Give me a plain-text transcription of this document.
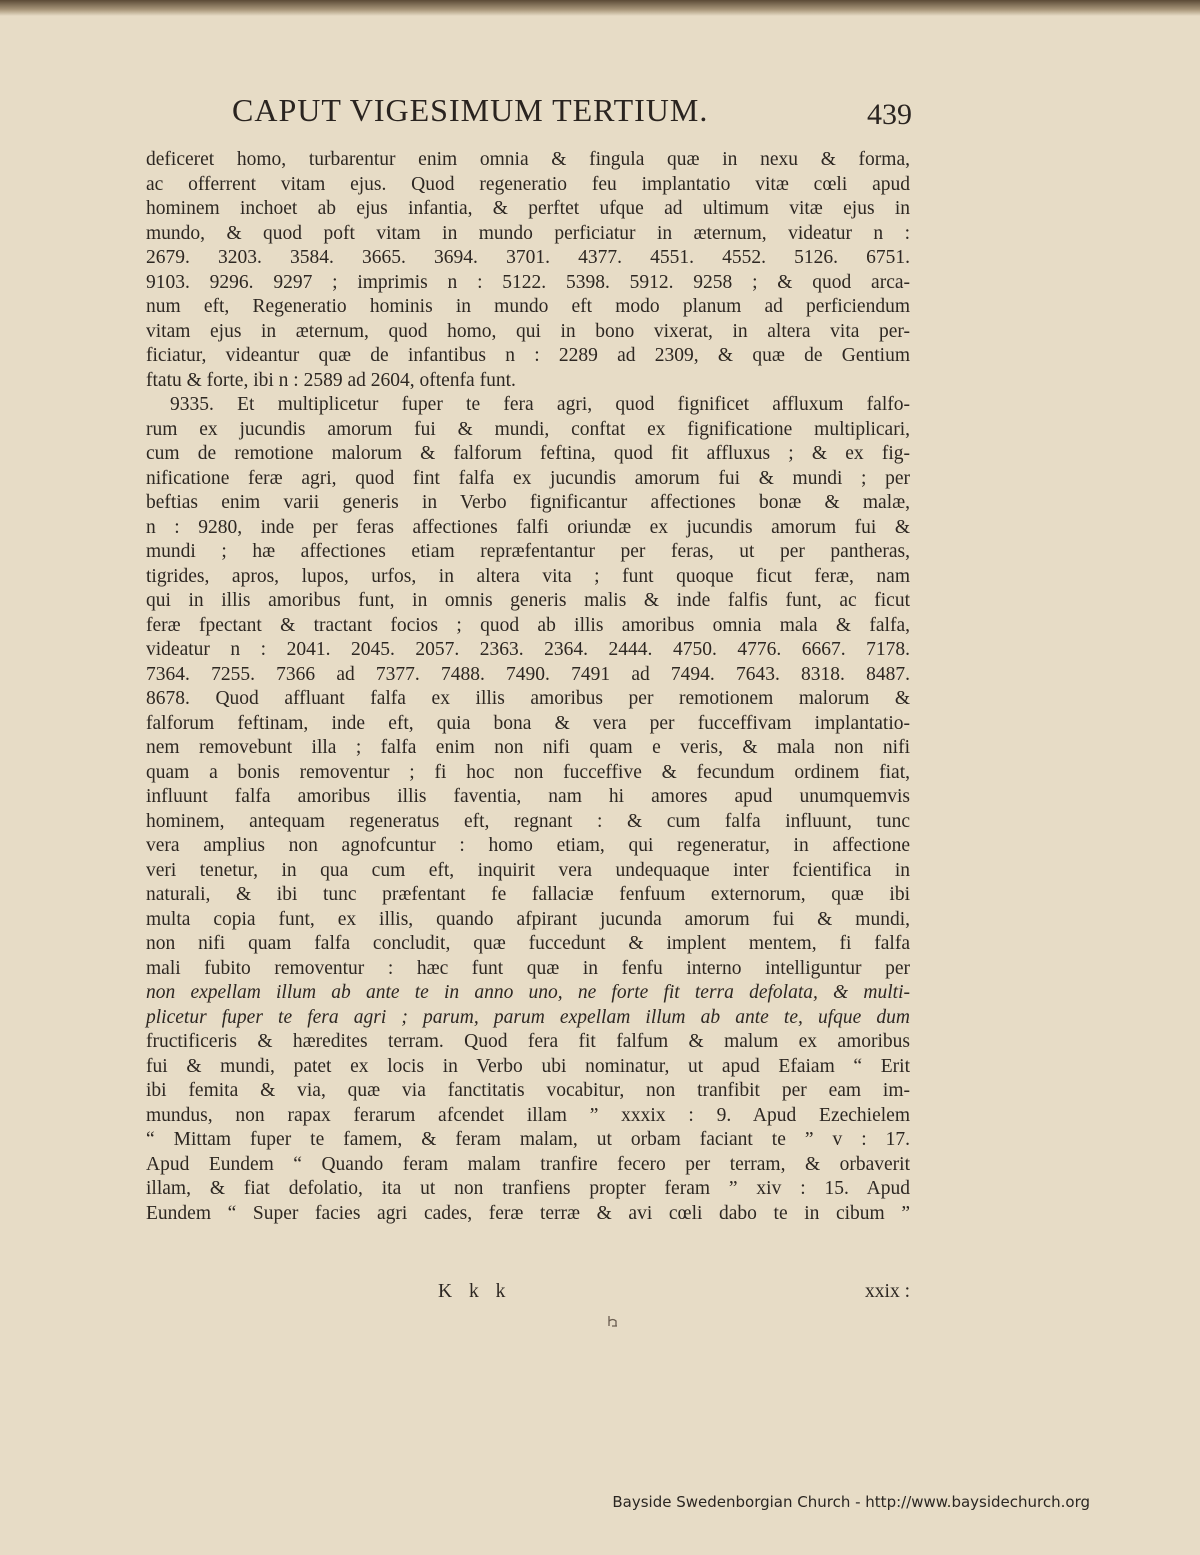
CAPUT VIGESIMUM TERTIUM.	439
deficeret homo, turbarentur enim omnia & fingula quæ in nexu & forma,
ac offerrent vitam ejus. Quod regeneratio feu implantatio vitæ cœli apud
hominem inchoet ab ejus infantia, & perftet ufque ad ultimum vitæ ejus in
mundo, & quod poft vitam in mundo perficiatur in æternum, videatur n :
2679. 3203. 3584. 3665. 3694. 3701. 4377. 4551. 4552. 5126. 6751.
9103. 9296. 9297 ; imprimis n : 5122. 5398. 5912. 9258 ; & quod arca-
num eft, Regeneratio hominis in mundo eft modo planum ad perficiendum
vitam ejus in æternum, quod homo, qui in bono vixerat, in altera vita per-
ficiatur, videantur quæ de infantibus n : 2289 ad 2309, & quæ de Gentium
ftatu & forte, ibi n : 2589 ad 2604, oftenfa funt.
9335. Et multiplicetur fuper te fera agri, quod fignificet affluxum falfo-
rum ex jucundis amorum fui & mundi, conftat ex fignificatione multiplicari,
cum de remotione malorum & falforum feftina, quod fit affluxus ; & ex fig-
nificatione feræ agri, quod fint falfa ex jucundis amorum fui & mundi ; per
beftias enim varii generis in Verbo fignificantur affectiones bonæ & malæ,
n : 9280, inde per feras affectiones falfi oriundæ ex jucundis amorum fui &
mundi ; hæ affectiones etiam repræfentantur per feras, ut per pantheras,
tigrides, apros, lupos, urfos, in altera vita ; funt quoque ficut feræ, nam
qui in illis amoribus funt, in omnis generis malis & inde falfis funt, ac ficut
feræ fpectant & tractant focios ; quod ab illis amoribus omnia mala & falfa,
videatur n : 2041. 2045. 2057. 2363. 2364. 2444. 4750. 4776. 6667. 7178.
7364. 7255. 7366 ad 7377. 7488. 7490. 7491 ad 7494. 7643. 8318. 8487.
8678. Quod affluant falfa ex illis amoribus per remotionem malorum &
falforum feftinam, inde eft, quia bona & vera per fucceffivam implantatio-
nem removebunt illa ; falfa enim non nifi quam e veris, & mala non nifi
quam a bonis removentur ; fi hoc non fucceffive & fecundum ordinem fiat,
influunt falfa amoribus illis faventia, nam hi amores apud unumquemvis
hominem, antequam regeneratus eft, regnant : & cum falfa influunt, tunc
vera amplius non agnofcuntur : homo etiam, qui regeneratur, in affectione
veri tenetur, in qua cum eft, inquirit vera undequaque inter fcientifica in
naturali, & ibi tunc præfentant fe fallaciæ fenfuum externorum, quæ ibi
multa copia funt, ex illis, quando afpirant jucunda amorum fui & mundi,
non nifi quam falfa concludit, quæ fuccedunt & implent mentem, fi falfa
mali fubito removentur : hæc funt quæ in fenfu interno intelliguntur per
non expellam illum ab ante te in anno uno, ne forte fit terra defolata, & multi-
plicetur fuper te fera agri ; parum, parum expellam illum ab ante te, ufque dum
fructificeris & hæredites terram. Quod fera fit falfum & malum ex amoribus
fui & mundi, patet ex locis in Verbo ubi nominatur, ut apud Efaiam “ Erit
ibi femita & via, quæ via fanctitatis vocabitur, non tranfibit per eam im-
mundus, non rapax ferarum afcendet illam ” xxxix : 9. Apud Ezechielem
“ Mittam fuper te famem, & feram malam, ut orbam faciant te ” v : 17.
Apud Eundem “ Quando feram malam tranfire fecero per terram, & orbaverit
illam, & fiat defolatio, ita ut non tranfiens propter feram ” xiv : 15. Apud
Eundem “ Super facies agri cades, feræ terræ & avi cœli dabo te in cibum ”
K k k	xxix :
Bayside Swedenborgian Church - http://www.baysidechurch.org
